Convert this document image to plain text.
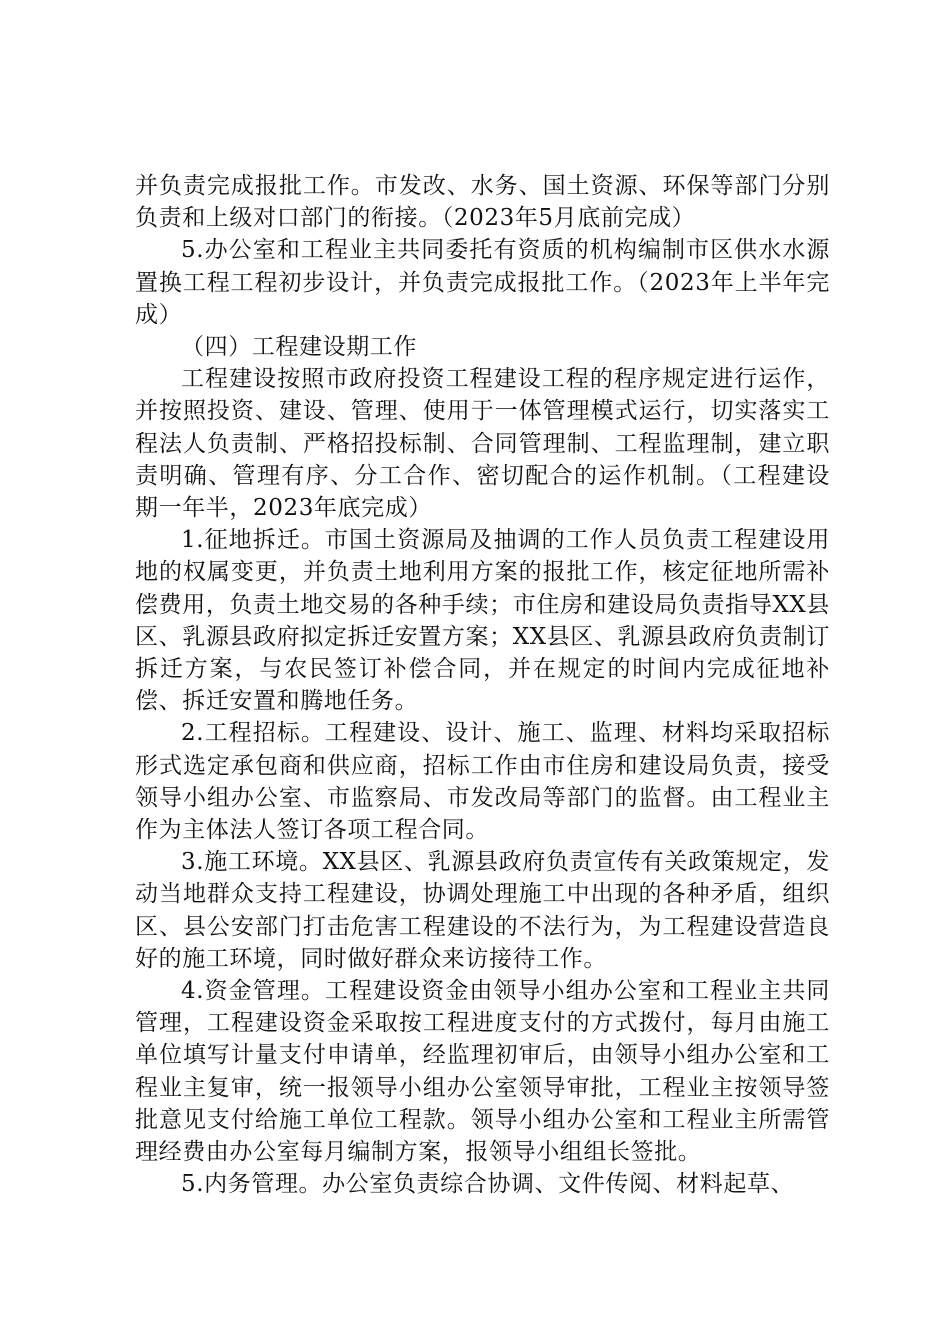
并负责完成报批工作。市发改、水务、国土资源、环保等部门分别负责和上级对口部门的衔接。（2023年5月底前完成）

5.办公室和工程业主共同委托有资质的机构编制市区供水水源置换工程工程初步设计，并负责完成报批工作。（2023年上半年完成）

（四）工程建设期工作

工程建设按照市政府投资工程建设工程的程序规定进行运作，并按照投资、建设、管理、使用于一体管理模式运行，切实落实工程法人负责制、严格招投标制、合同管理制、工程监理制，建立职责明确、管理有序、分工合作、密切配合的运作机制。（工程建设期一年半，2023年底完成）

1.征地拆迁。市国土资源局及抽调的工作人员负责工程建设用地的权属变更，并负责土地利用方案的报批工作，核定征地所需补偿费用，负责土地交易的各种手续；市住房和建设局负责指导XX县区、乳源县政府拟定拆迁安置方案；XX县区、乳源县政府负责制订拆迁方案，与农民签订补偿合同，并在规定的时间内完成征地补偿、拆迁安置和腾地任务。

2.工程招标。工程建设、设计、施工、监理、材料均采取招标形式选定承包商和供应商，招标工作由市住房和建设局负责，接受领导小组办公室、市监察局、市发改局等部门的监督。由工程业主作为主体法人签订各项工程合同。

3.施工环境。XX县区、乳源县政府负责宣传有关政策规定，发动当地群众支持工程建设，协调处理施工中出现的各种矛盾，组织区、县公安部门打击危害工程建设的不法行为，为工程建设营造良好的施工环境，同时做好群众来访接待工作。

4.资金管理。工程建设资金由领导小组办公室和工程业主共同管理，工程建设资金采取按工程进度支付的方式拨付，每月由施工单位填写计量支付申请单，经监理初审后，由领导小组办公室和工程业主复审，统一报领导小组办公室领导审批，工程业主按领导签批意见支付给施工单位工程款。领导小组办公室和工程业主所需管理经费由办公室每月编制方案，报领导小组组长签批。

5.内务管理。办公室负责综合协调、文件传阅、材料起草、
